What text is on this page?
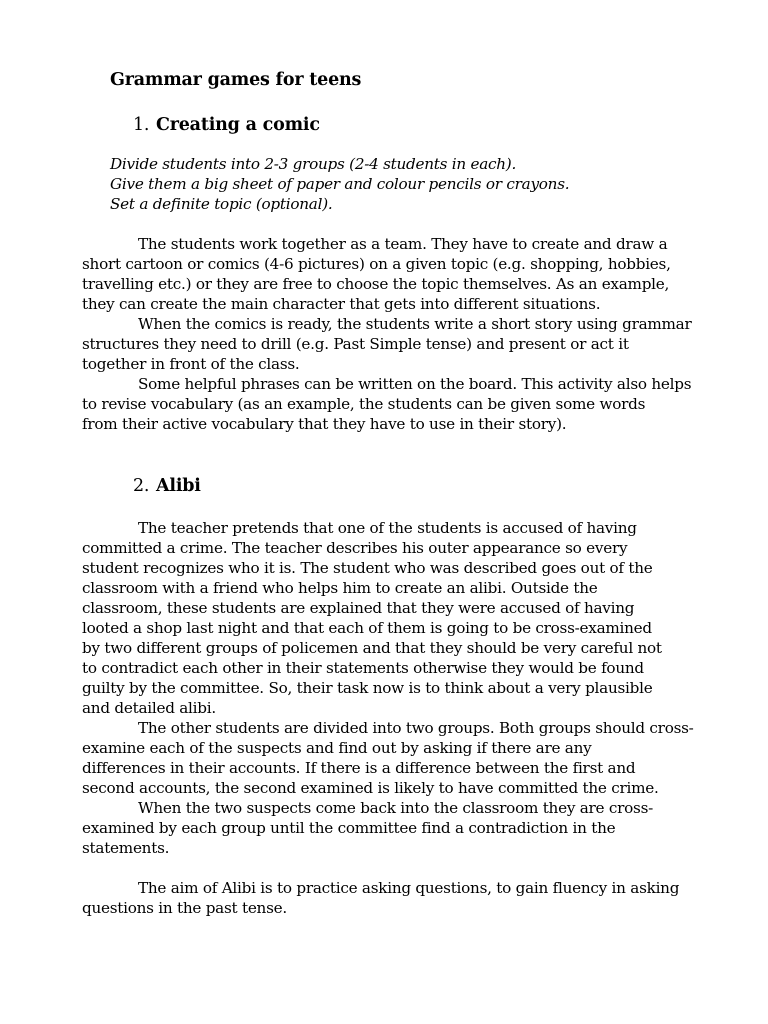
Grammar games for teens
1. Creating a comic

Divide students into 2-3 groups (2-4 students in each).

Give them a big sheet of paper and colour pencils or crayons.

Set a definite topic (optional).

The students work together as a team. They have to create and draw a
short cartoon or comics (4-6 pictures) on a given topic (e.g. shopping, hobbies,
travelling etc.) or they are free to choose the topic themselves. As an example,
they can create the main character that gets into different situations.
When the comics is ready, the students write a short story using grammar
structures they need to drill (e.g. Past Simple tense) and present or act it
together in front of the class.
Some helpful phrases can be written on the board. This activity also helps
to revise vocabulary (as an example, the students can be given some words
from their active vocabulary that they have to use in their story).
2. Alibi
The teacher pretends that one of the students is accused of having
committed a crime. The teacher describes his outer appearance so every
student recognizes who it is. The student who was described goes out of the
classroom with a friend who helps him to create an alibi. Outside the
classroom, these students are explained that they were accused of having
looted a shop last night and that each of them is going to be cross-examined
by two different groups of policemen and that they should be very careful not
to contradict each other in their statements otherwise they would be found
guilty by the committee. So, their task now is to think about a very plausible
and detailed alibi.
The other students are divided into two groups. Both groups should cross-
examine each of the suspects and find out by asking if there are any
differences in their accounts. If there is a difference between the first and
second accounts, the second examined is likely to have committed the crime.
When the two suspects come back into the classroom they are cross-
examined by each group until the committee find a contradiction in the
statements.
The aim of Alibi is to practice asking questions, to gain fluency in asking
questions in the past tense.
